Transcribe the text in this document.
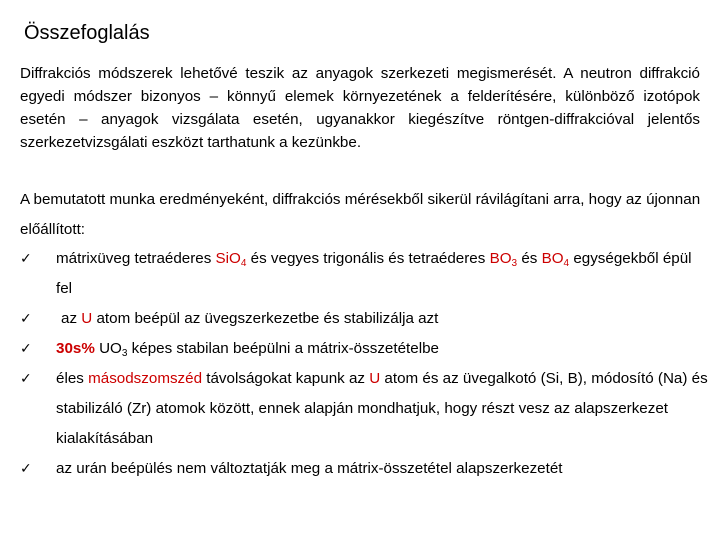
Összefoglalás

Diffrakciós módszerek lehetővé teszik az anyagok szerkezeti megismerését. A neutron diffrakció egyedi módszer bizonyos – könnyű elemek környezetének a felderítésére, különböző izotópok esetén – anyagok vizsgálata esetén, ugyanakkor kiegészítve röntgen-diffrakcióval jelentős szerkezetvizsgálati eszközt tarthatunk a kezünkbe.

A bemutatott munka eredményeként, diffrakciós mérésekből sikerül rávilágítani arra, hogy az újonnan előállított:

✓ mátrixüveg tetraéderes SiO$_4$ és vegyes trigonális és tetraéderes $BO_3$ és $BO_4$ egységekből épül fel
✓ az U atom beépül az üvegszerkezetbe és stabilizálja azt
✓ 30s% $UO_3$ képes stabilan beépülni a mátrix-összetételbe
✓ éles másodszomszéd távolságokat kapunk az U atom és az üvegalkotó (Si, B), módosító (Na) és stabilizáló (Zr) atomok között, ennek alapján mondhatjuk, hogy részt vesz az alapszerkezet kialakításában
✓ az urán beépülés nem változtatják meg a mátrix-összetétel alapszerkezetét
